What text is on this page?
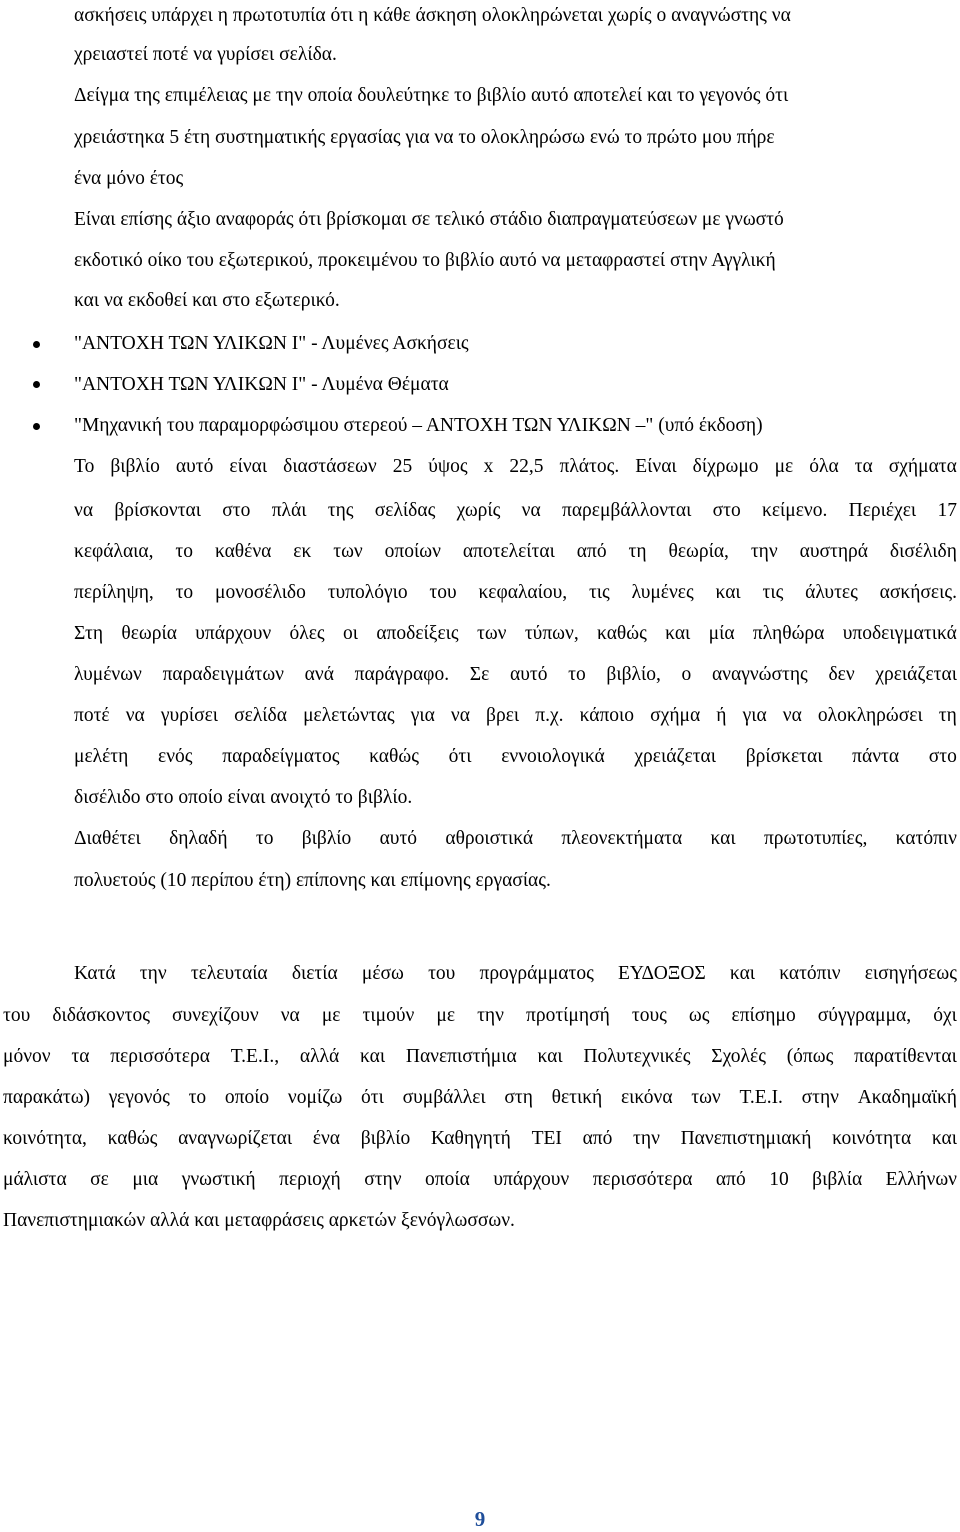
ασκήσεις υπάρχει η πρωτοτυπία ότι η κάθε άσκηση ολοκληρώνεται χωρίς ο αναγνώστης να
χρειαστεί ποτέ να γυρίσει σελίδα.
Δείγμα της επιμέλειας με την οποία δουλεύτηκε το βιβλίο αυτό αποτελεί και το γεγονός ότι
χρειάστηκα 5 έτη συστηματικής εργασίας για να το ολοκληρώσω ενώ το πρώτο μου πήρε
ένα μόνο έτος
Είναι επίσης άξιο αναφοράς ότι βρίσκομαι σε τελικό στάδιο διαπραγματεύσεων με γνωστό
εκδοτικό οίκο του εξωτερικού, προκειμένου το βιβλίο αυτό να μεταφραστεί στην Αγγλική
και να εκδοθεί και στο εξωτερικό.
"ΑΝΤΟΧΗ ΤΩΝ ΥΛΙΚΩΝ Ι" - Λυμένες Ασκήσεις
"ΑΝΤΟΧΗ ΤΩΝ ΥΛΙΚΩΝ Ι" - Λυμένα Θέματα
"Μηχανική του παραμορφώσιμου στερεού – ΑΝΤΟΧΗ ΤΩΝ ΥΛΙΚΩΝ –" (υπό έκδοση)
Το βιβλίο αυτό είναι διαστάσεων 25 ύψος x 22,5 πλάτος. Είναι δίχρωμο με όλα τα σχήματα
να βρίσκονται στο πλάι της σελίδας χωρίς να παρεμβάλλονται στο κείμενο. Περιέχει 17
κεφάλαια, το καθένα εκ των οποίων αποτελείται από τη θεωρία, την αυστηρά δισέλιδη
περίληψη, το μονοσέλιδο τυπολόγιο του κεφαλαίου, τις λυμένες και τις άλυτες ασκήσεις.
Στη θεωρία υπάρχουν όλες οι αποδείξεις των τύπων, καθώς και μία πληθώρα υποδειγματικά
λυμένων παραδειγμάτων ανά παράγραφο. Σε αυτό το βιβλίο, ο αναγνώστης δεν χρειάζεται
ποτέ να γυρίσει σελίδα μελετώντας για να βρει π.χ. κάποιο σχήμα ή για να ολοκληρώσει τη
μελέτη ενός παραδείγματος καθώς ότι εννοιολογικά χρειάζεται βρίσκεται πάντα στο
δισέλιδο στο οποίο είναι ανοιχτό το βιβλίο.
Διαθέτει δηλαδή το βιβλίο αυτό αθροιστικά πλεονεκτήματα και πρωτοτυπίες, κατόπιν
πολυετούς (10 περίπου έτη) επίπονης και επίμονης εργασίας.
Κατά την τελευταία διετία μέσω του προγράμματος ΕΥΔΟΞΟΣ και κατόπιν εισηγήσεως
του διδάσκοντος συνεχίζουν να με τιμούν με την προτίμησή τους ως επίσημο σύγγραμμα, όχι
μόνον τα περισσότερα Τ.Ε.Ι., αλλά και Πανεπιστήμια και Πολυτεχνικές Σχολές (όπως παρατίθενται
παρακάτω) γεγονός το οποίο νομίζω ότι συμβάλλει στη θετική εικόνα των Τ.Ε.Ι. στην Ακαδημαϊκή
κοινότητα, καθώς αναγνωρίζεται ένα βιβλίο Καθηγητή ΤΕΙ από την Πανεπιστημιακή κοινότητα και
μάλιστα σε μια γνωστική περιοχή στην οποία υπάρχουν περισσότερα από 10 βιβλία Ελλήνων
Πανεπιστημιακών αλλά και μεταφράσεις αρκετών ξενόγλωσσων.
9
